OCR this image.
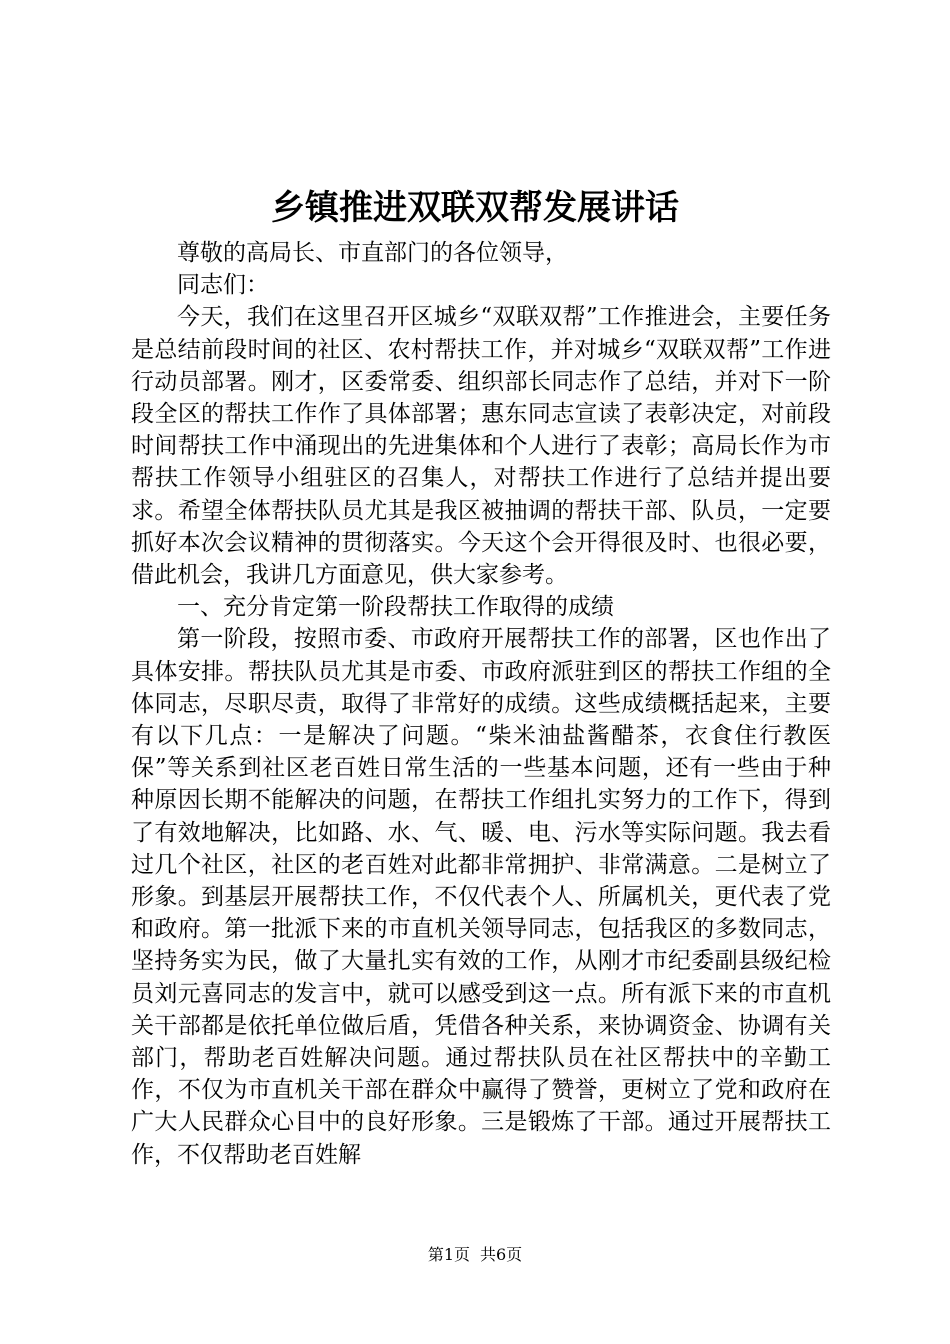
乡镇推进双联双帮发展讲话

尊敬的高局长、市直部门的各位领导，

同志们：

今天，我们在这里召开区城乡“双联双帮”工作推进会，主要任务是总结前段时间的社区、农村帮扶工作，并对城乡“双联双帮”工作进行动员部署。刚才，区委常委、组织部长同志作了总结，并对下一阶段全区的帮扶工作作了具体部署；惠东同志宣读了表彰决定，对前段时间帮扶工作中涌现出的先进集体和个人进行了表彰；高局长作为市帮扶工作领导小组驻区的召集人，对帮扶工作进行了总结并提出要求。希望全体帮扶队员尤其是我区被抽调的帮扶干部、队员，一定要抓好本次会议精神的贯彻落实。今天这个会开得很及时、也很必要，借此机会，我讲几方面意见，供大家参考。

一、充分肯定第一阶段帮扶工作取得的成绩

第一阶段，按照市委、市政府开展帮扶工作的部署，区也作出了具体安排。帮扶队员尤其是市委、市政府派驻到区的帮扶工作组的全体同志，尽职尽责，取得了非常好的成绩。这些成绩概括起来，主要有以下几点：一是解决了问题。“柴米油盐酱醋茶，衣食住行教医保”等关系到社区老百姓日常生活的一些基本问题，还有一些由于种种原因长期不能解决的问题，在帮扶工作组扎实努力的工作下，得到了有效地解决，比如路、水、气、暖、电、污水等实际问题。我去看过几个社区，社区的老百姓对此都非常拥护、非常满意。二是树立了形象。到基层开展帮扶工作，不仅代表个人、所属机关，更代表了党和政府。第一批派下来的市直机关领导同志，包括我区的多数同志，坚持务实为民，做了大量扎实有效的工作，从刚才市纪委副县级纪检员刘元喜同志的发言中，就可以感受到这一点。所有派下来的市直机关干部都是依托单位做后盾，凭借各种关系，来协调资金、协调有关部门，帮助老百姓解决问题。通过帮扶队员在社区帮扶中的辛勤工作，不仅为市直机关干部在群众中赢得了赞誉，更树立了党和政府在广大人民群众心目中的良好形象。三是锻炼了干部。通过开展帮扶工作，不仅帮助老百姓解

第1页 共6页
